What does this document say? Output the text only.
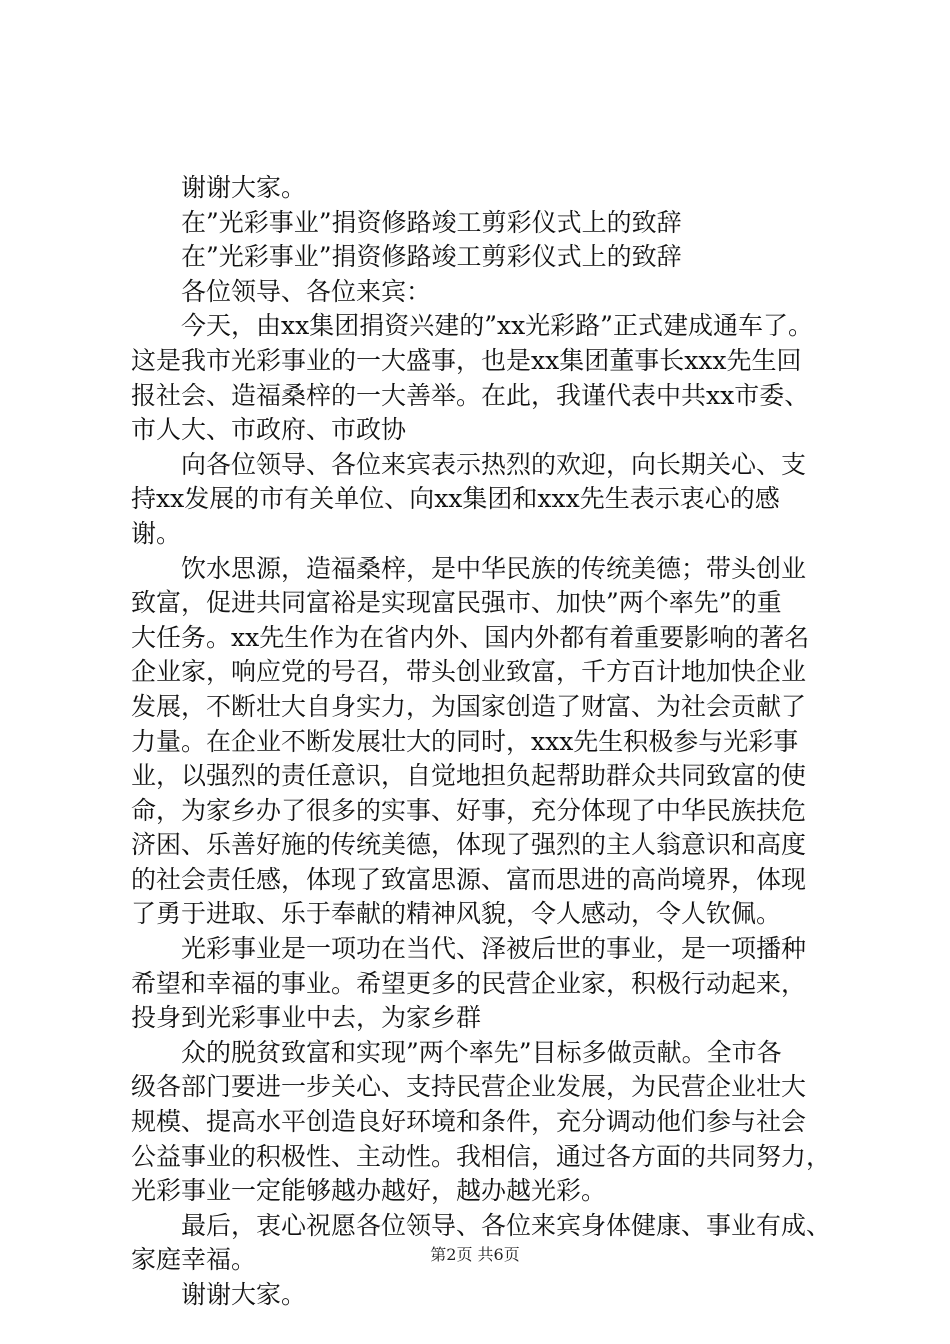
谢谢大家。

在”光彩事业”捐资修路竣工剪彩仪式上的致辞

在”光彩事业”捐资修路竣工剪彩仪式上的致辞

各位领导、各位来宾：

今天，由xx集团捐资兴建的”xx光彩路”正式建成通车了。

这是我市光彩事业的一大盛事，也是xx集团董事长xxx先生回

报社会、造福桑梓的一大善举。在此，我谨代表中共xx市委、

市人大、市政府、市政协

向各位领导、各位来宾表示热烈的欢迎，向长期关心、支

持xx发展的市有关单位、向xx集团和xxx先生表示衷心的感

谢。

饮水思源，造福桑梓，是中华民族的传统美德；带头创业

致富，促进共同富裕是实现富民强市、加快”两个率先”的重

大任务。xx先生作为在省内外、国内外都有着重要影响的著名

企业家，响应党的号召，带头创业致富，千方百计地加快企业

发展，不断壮大自身实力，为国家创造了财富、为社会贡献了

力量。在企业不断发展壮大的同时，xxx先生积极参与光彩事

业，以强烈的责任意识，自觉地担负起帮助群众共同致富的使

命，为家乡办了很多的实事、好事，充分体现了中华民族扶危

济困、乐善好施的传统美德，体现了强烈的主人翁意识和高度

的社会责任感，体现了致富思源、富而思进的高尚境界，体现

了勇于进取、乐于奉献的精神风貌，令人感动，令人钦佩。

光彩事业是一项功在当代、泽被后世的事业，是一项播种

希望和幸福的事业。希望更多的民营企业家，积极行动起来，

投身到光彩事业中去，为家乡群

众的脱贫致富和实现”两个率先”目标多做贡献。全市各

级各部门要进一步关心、支持民营企业发展，为民营企业壮大

规模、提高水平创造良好环境和条件，充分调动他们参与社会

公益事业的积极性、主动性。我相信，通过各方面的共同努力，

光彩事业一定能够越办越好，越办越光彩。

最后，衷心祝愿各位领导、各位来宾身体健康、事业有成、

家庭幸福。

谢谢大家。

第2页 共6页
